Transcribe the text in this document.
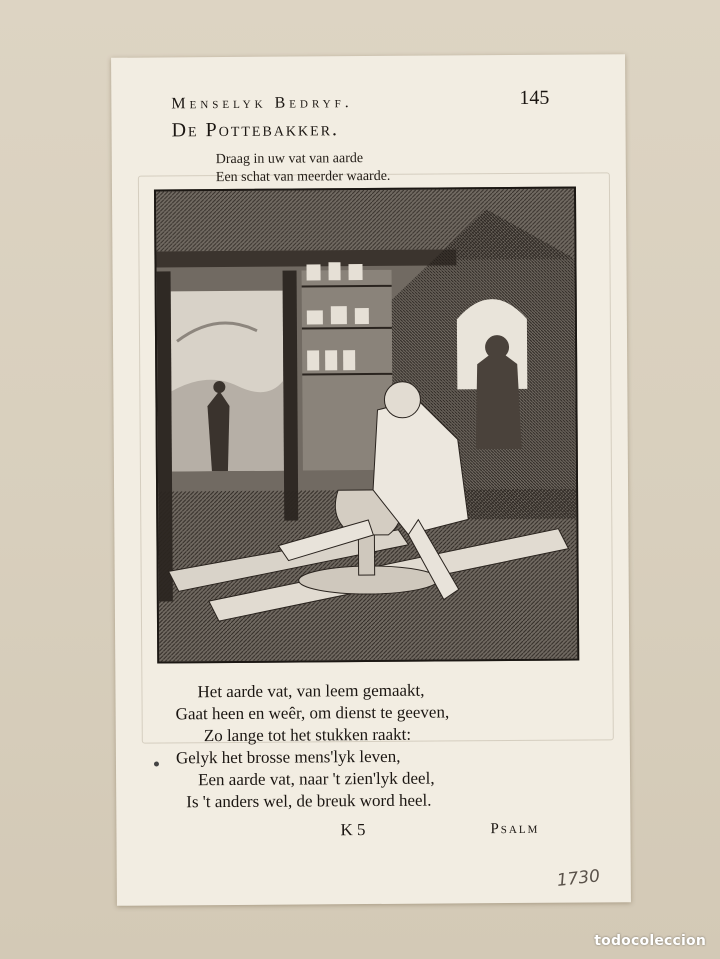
Menselyk Bedryf.	145
De Pottebakker.
Draag in uw vat van aarde
Een schat van meerder waarde.
Het aarde vat, van leem gemaakt,
Gaat heen en weêr, om dienst te geeven,
Zo lange tot het stukken raakt:
Gelyk het brosse mens'lyk leven,
Een aarde vat, naar 't zien'lyk deel,
Is 't anders wel, de breuk word heel.
K 5	Psalm
1730
todocoleccion
